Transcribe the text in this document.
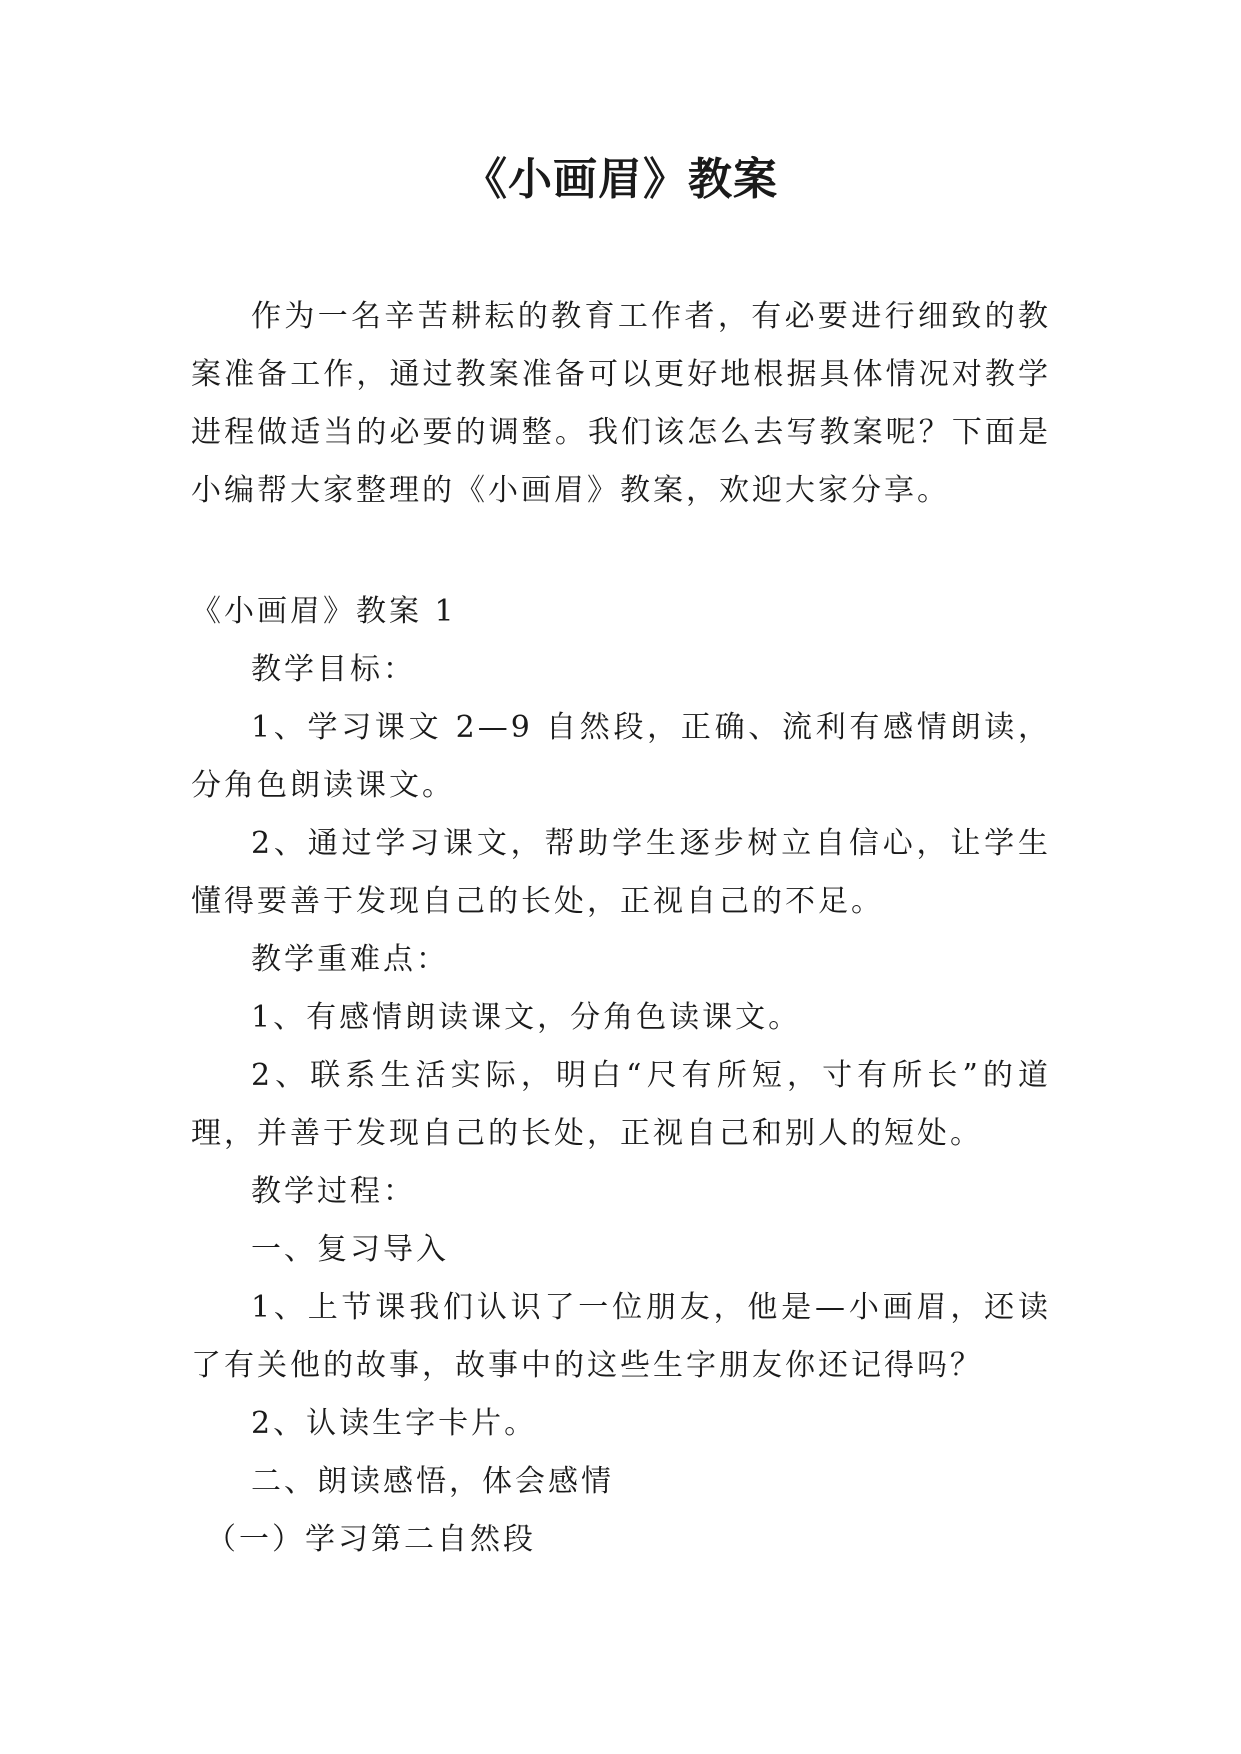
《小画眉》教案

作为一名辛苦耕耘的教育工作者，有必要进行细致的教案准备工作，通过教案准备可以更好地根据具体情况对教学进程做适当的必要的调整。我们该怎么去写教案呢？下面是小编帮大家整理的《小画眉》教案，欢迎大家分享。

《小画眉》教案 1

教学目标：

1、学习课文 2—9 自然段，正确、流利有感情朗读，分角色朗读课文。

2、通过学习课文，帮助学生逐步树立自信心，让学生懂得要善于发现自己的长处，正视自己的不足。

教学重难点：

1、有感情朗读课文，分角色读课文。

2、联系生活实际，明白“尺有所短，寸有所长”的道理，并善于发现自己的长处，正视自己和别人的短处。

教学过程：

一、复习导入

1、上节课我们认识了一位朋友，他是—小画眉，还读了有关他的故事，故事中的这些生字朋友你还记得吗？

2、认读生字卡片。

二、朗读感悟，体会感情

（一）学习第二自然段
